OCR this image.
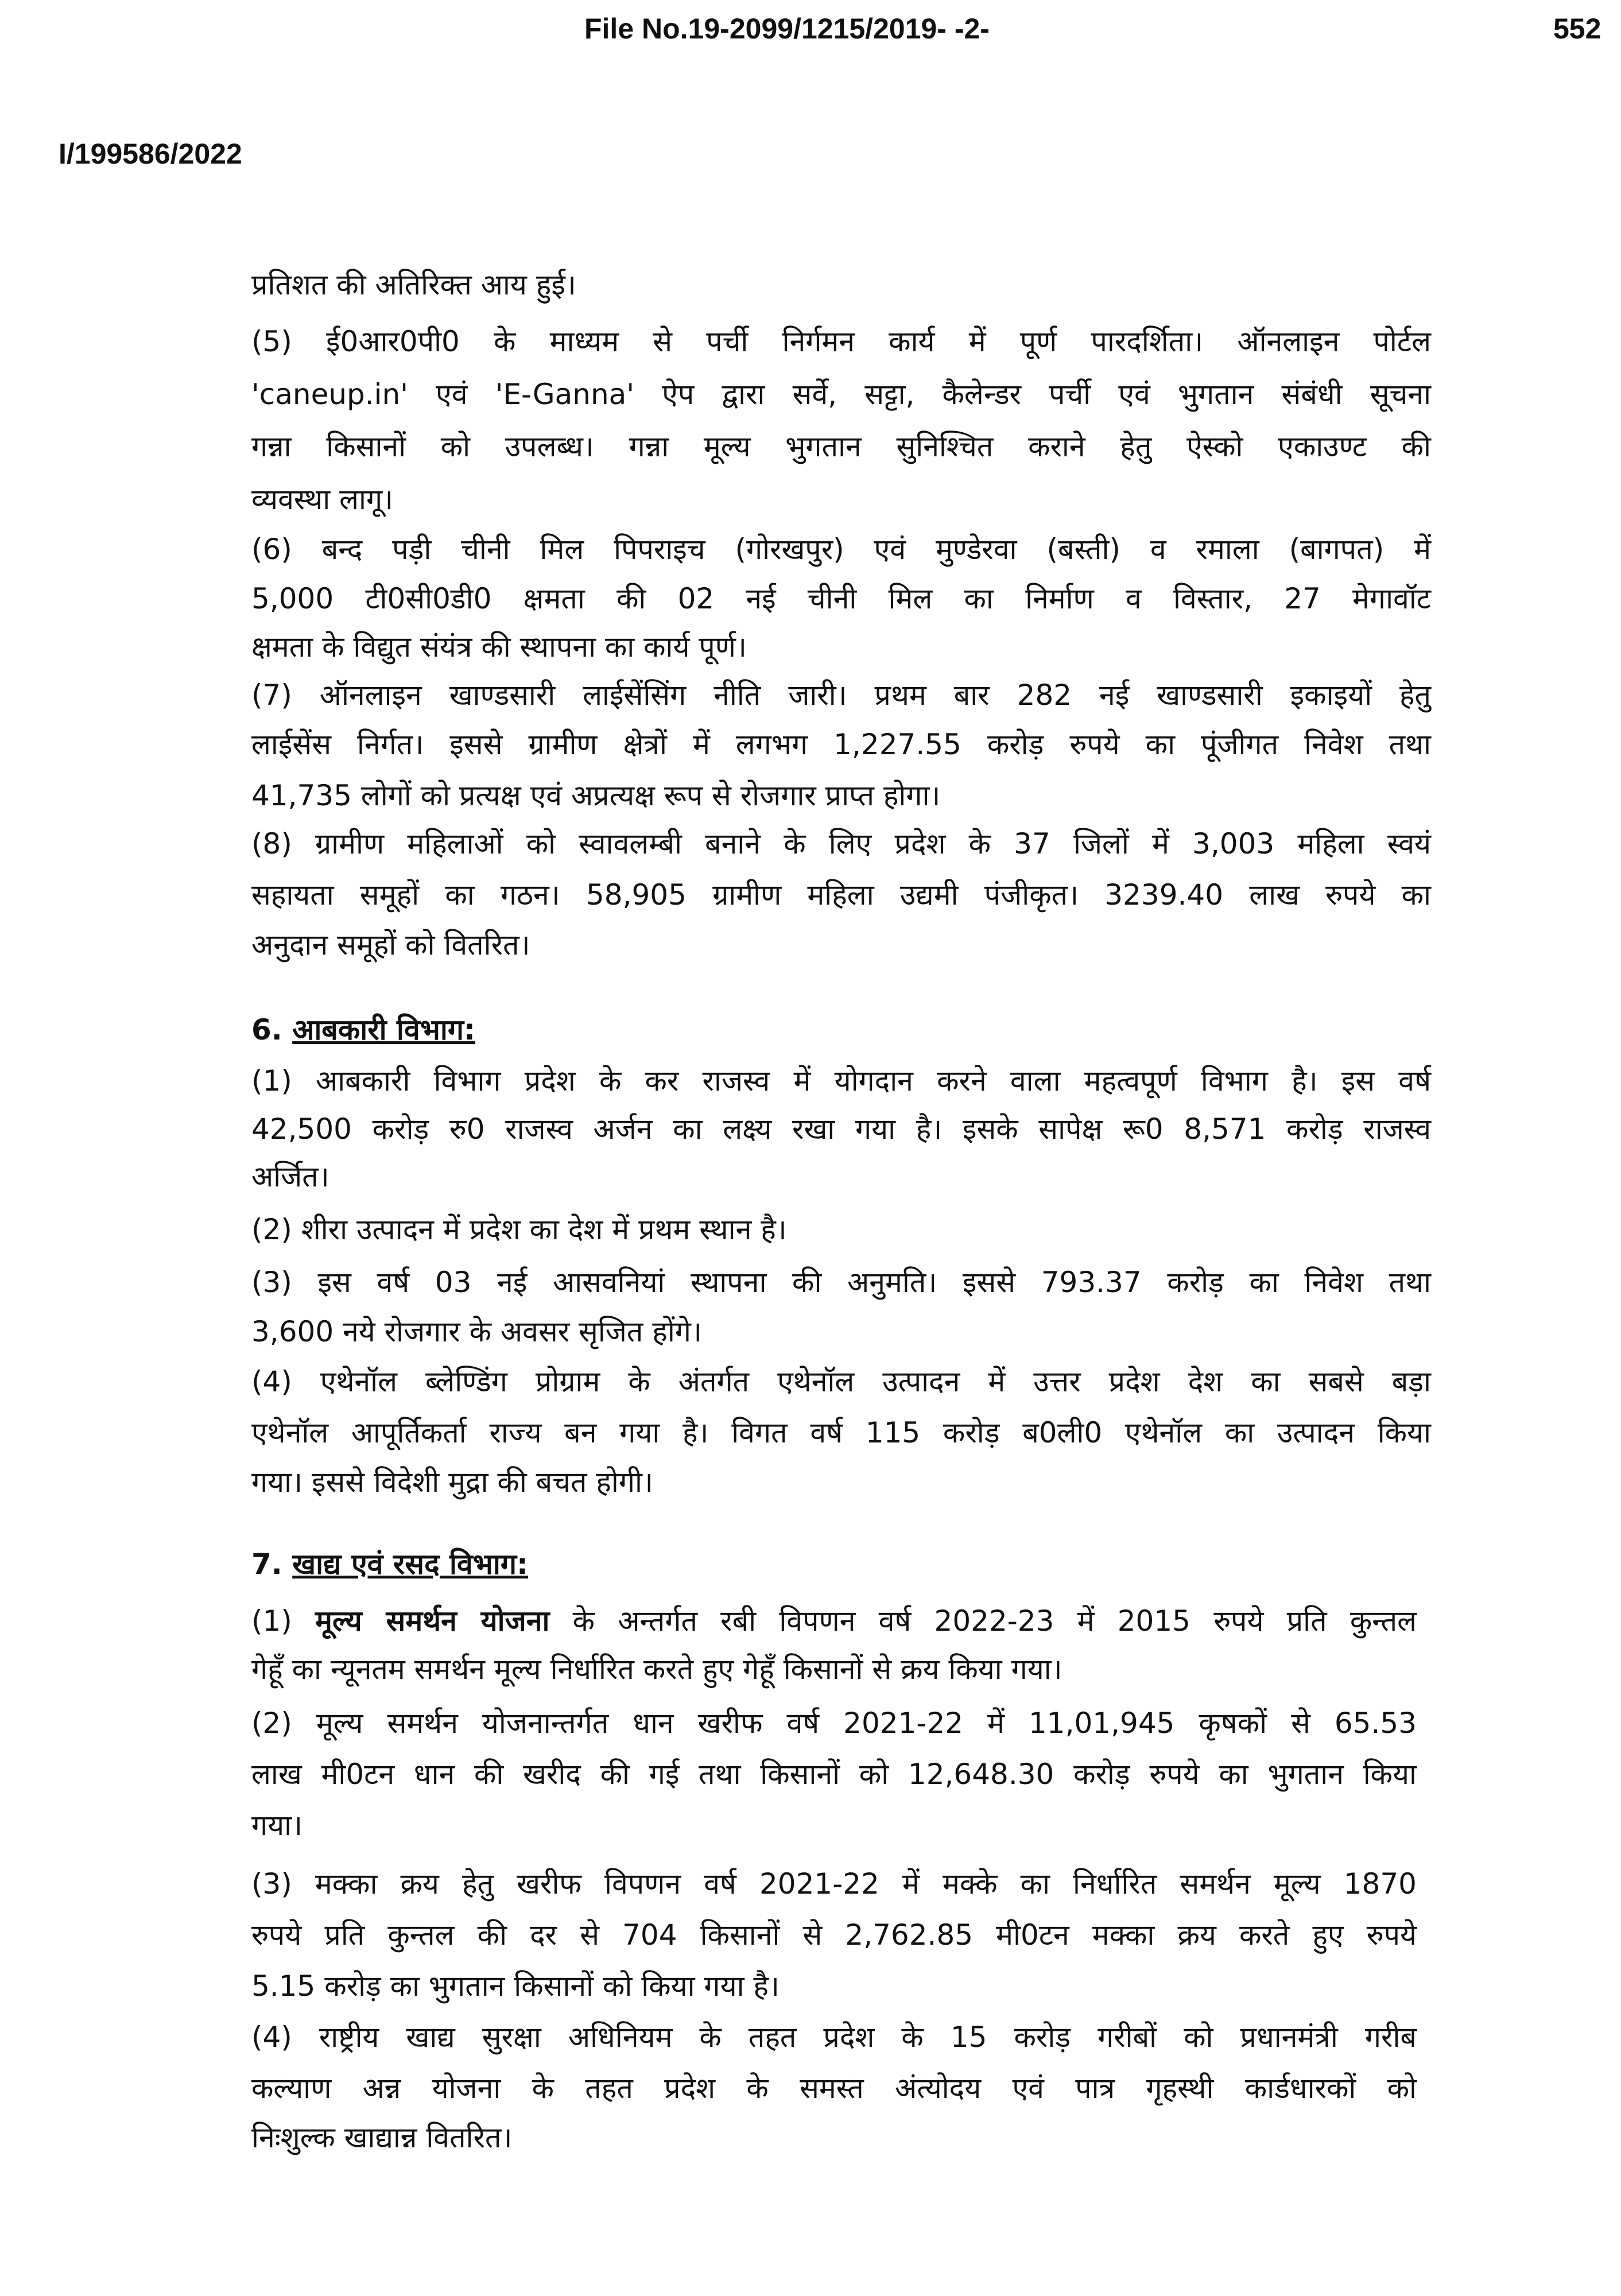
File No.19-2099/1215/2019- -2-	552
I/199586/2022
प्रतिशत की अतिरिक्त आय हुई।
(5) ई0आर0पी0 के माध्यम से पर्ची निर्गमन कार्य में पूर्ण पारदर्शिता। ऑनलाइन पोर्टल
'caneup.in' एवं 'E-Ganna' ऐप द्वारा सर्वे, सट्टा, कैलेन्डर पर्ची एवं भुगतान संबंधी सूचना
गन्ना किसानों को उपलब्ध। गन्ना मूल्य भुगतान सुनिश्चित कराने हेतु ऐस्को एकाउण्ट की
व्यवस्था लागू।
(6) बन्द पड़ी चीनी मिल पिपराइच (गोरखपुर) एवं मुण्डेरवा (बस्ती) व रमाला (बागपत) में
5,000 टी0सी0डी0 क्षमता की 02 नई चीनी मिल का निर्माण व विस्तार, 27 मेगावॉट
क्षमता के विद्युत संयंत्र की स्थापना का कार्य पूर्ण।
(7) ऑनलाइन खाण्डसारी लाईसेंसिंग नीति जारी। प्रथम बार 282 नई खाण्डसारी इकाइयों हेतु
लाईसेंस निर्गत। इससे ग्रामीण क्षेत्रों में लगभग 1,227.55 करोड़ रुपये का पूंजीगत निवेश तथा
41,735 लोगों को प्रत्यक्ष एवं अप्रत्यक्ष रूप से रोजगार प्राप्त होगा।
(8) ग्रामीण महिलाओं को स्वावलम्बी बनाने के लिए प्रदेश के 37 जिलों में 3,003 महिला स्वयं
सहायता समूहों का गठन। 58,905 ग्रामीण महिला उद्यमी पंजीकृत। 3239.40 लाख रुपये का
अनुदान समूहों को वितरित।
6. आबकारी विभाग:
(1) आबकारी विभाग प्रदेश के कर राजस्व में योगदान करने वाला महत्वपूर्ण विभाग है। इस वर्ष
42,500 करोड़ रु0 राजस्व अर्जन का लक्ष्य रखा गया है। इसके सापेक्ष रू0 8,571 करोड़ राजस्व
अर्जित।
(2) शीरा उत्पादन में प्रदेश का देश में प्रथम स्थान है।
(3) इस वर्ष 03 नई आसवनियां स्थापना की अनुमति। इससे 793.37 करोड़ का निवेश तथा
3,600 नये रोजगार के अवसर सृजित होंगे।
(4) एथेनॉल ब्लेण्डिंग प्रोग्राम के अंतर्गत एथेनॉल उत्पादन में उत्तर प्रदेश देश का सबसे बड़ा
एथेनॉल आपूर्तिकर्ता राज्य बन गया है। विगत वर्ष 115 करोड़ ब0ली0 एथेनॉल का उत्पादन किया
गया। इससे विदेशी मुद्रा की बचत होगी।
7. खाद्य एवं रसद विभाग:
(1) मूल्य समर्थन योजना के अन्तर्गत रबी विपणन वर्ष 2022-23 में 2015 रुपये प्रति कुन्तल
गेहूँ का न्यूनतम समर्थन मूल्य निर्धारित करते हुए गेहूँ किसानों से क्रय किया गया।
(2) मूल्य समर्थन योजनान्तर्गत धान खरीफ वर्ष 2021-22 में 11,01,945 कृषकों से 65.53
लाख मी0टन धान की खरीद की गई तथा किसानों को 12,648.30 करोड़ रुपये का भुगतान किया
गया।
(3) मक्का क्रय हेतु खरीफ विपणन वर्ष 2021-22 में मक्के का निर्धारित समर्थन मूल्य 1870
रुपये प्रति कुन्तल की दर से 704 किसानों से 2,762.85 मी0टन मक्का क्रय करते हुए रुपये
5.15 करोड़ का भुगतान किसानों को किया गया है।
(4) राष्ट्रीय खाद्य सुरक्षा अधिनियम के तहत प्रदेश के 15 करोड़ गरीबों को प्रधानमंत्री गरीब
कल्याण अन्न योजना के तहत प्रदेश के समस्त अंत्योदय एवं पात्र गृहस्थी कार्डधारकों को
निःशुल्क खाद्यान्न वितरित।
